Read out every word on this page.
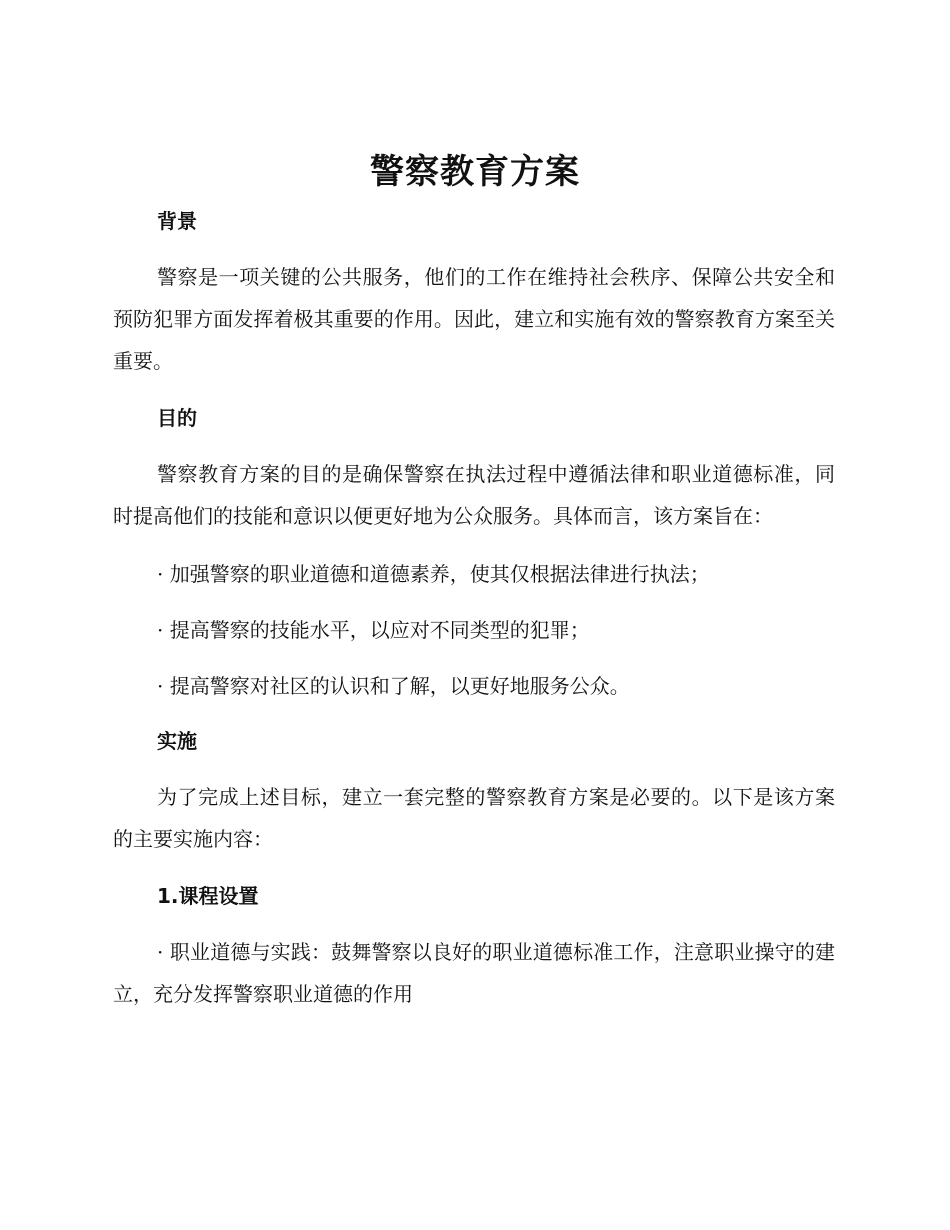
警察教育方案
背景
警察是一项关键的公共服务，他们的工作在维持社会秩序、保障公共安全和预防犯罪方面发挥着极其重要的作用。因此，建立和实施有效的警察教育方案至关重要。
目的
警察教育方案的目的是确保警察在执法过程中遵循法律和职业道德标准，同时提高他们的技能和意识以便更好地为公众服务。具体而言，该方案旨在：
· 加强警察的职业道德和道德素养，使其仅根据法律进行执法；
· 提高警察的技能水平，以应对不同类型的犯罪；
· 提高警察对社区的认识和了解，以更好地服务公众。
实施
为了完成上述目标，建立一套完整的警察教育方案是必要的。以下是该方案的主要实施内容：
1.课程设置
· 职业道德与实践：鼓舞警察以良好的职业道德标准工作，注意职业操守的建立，充分发挥警察职业道德的作用
